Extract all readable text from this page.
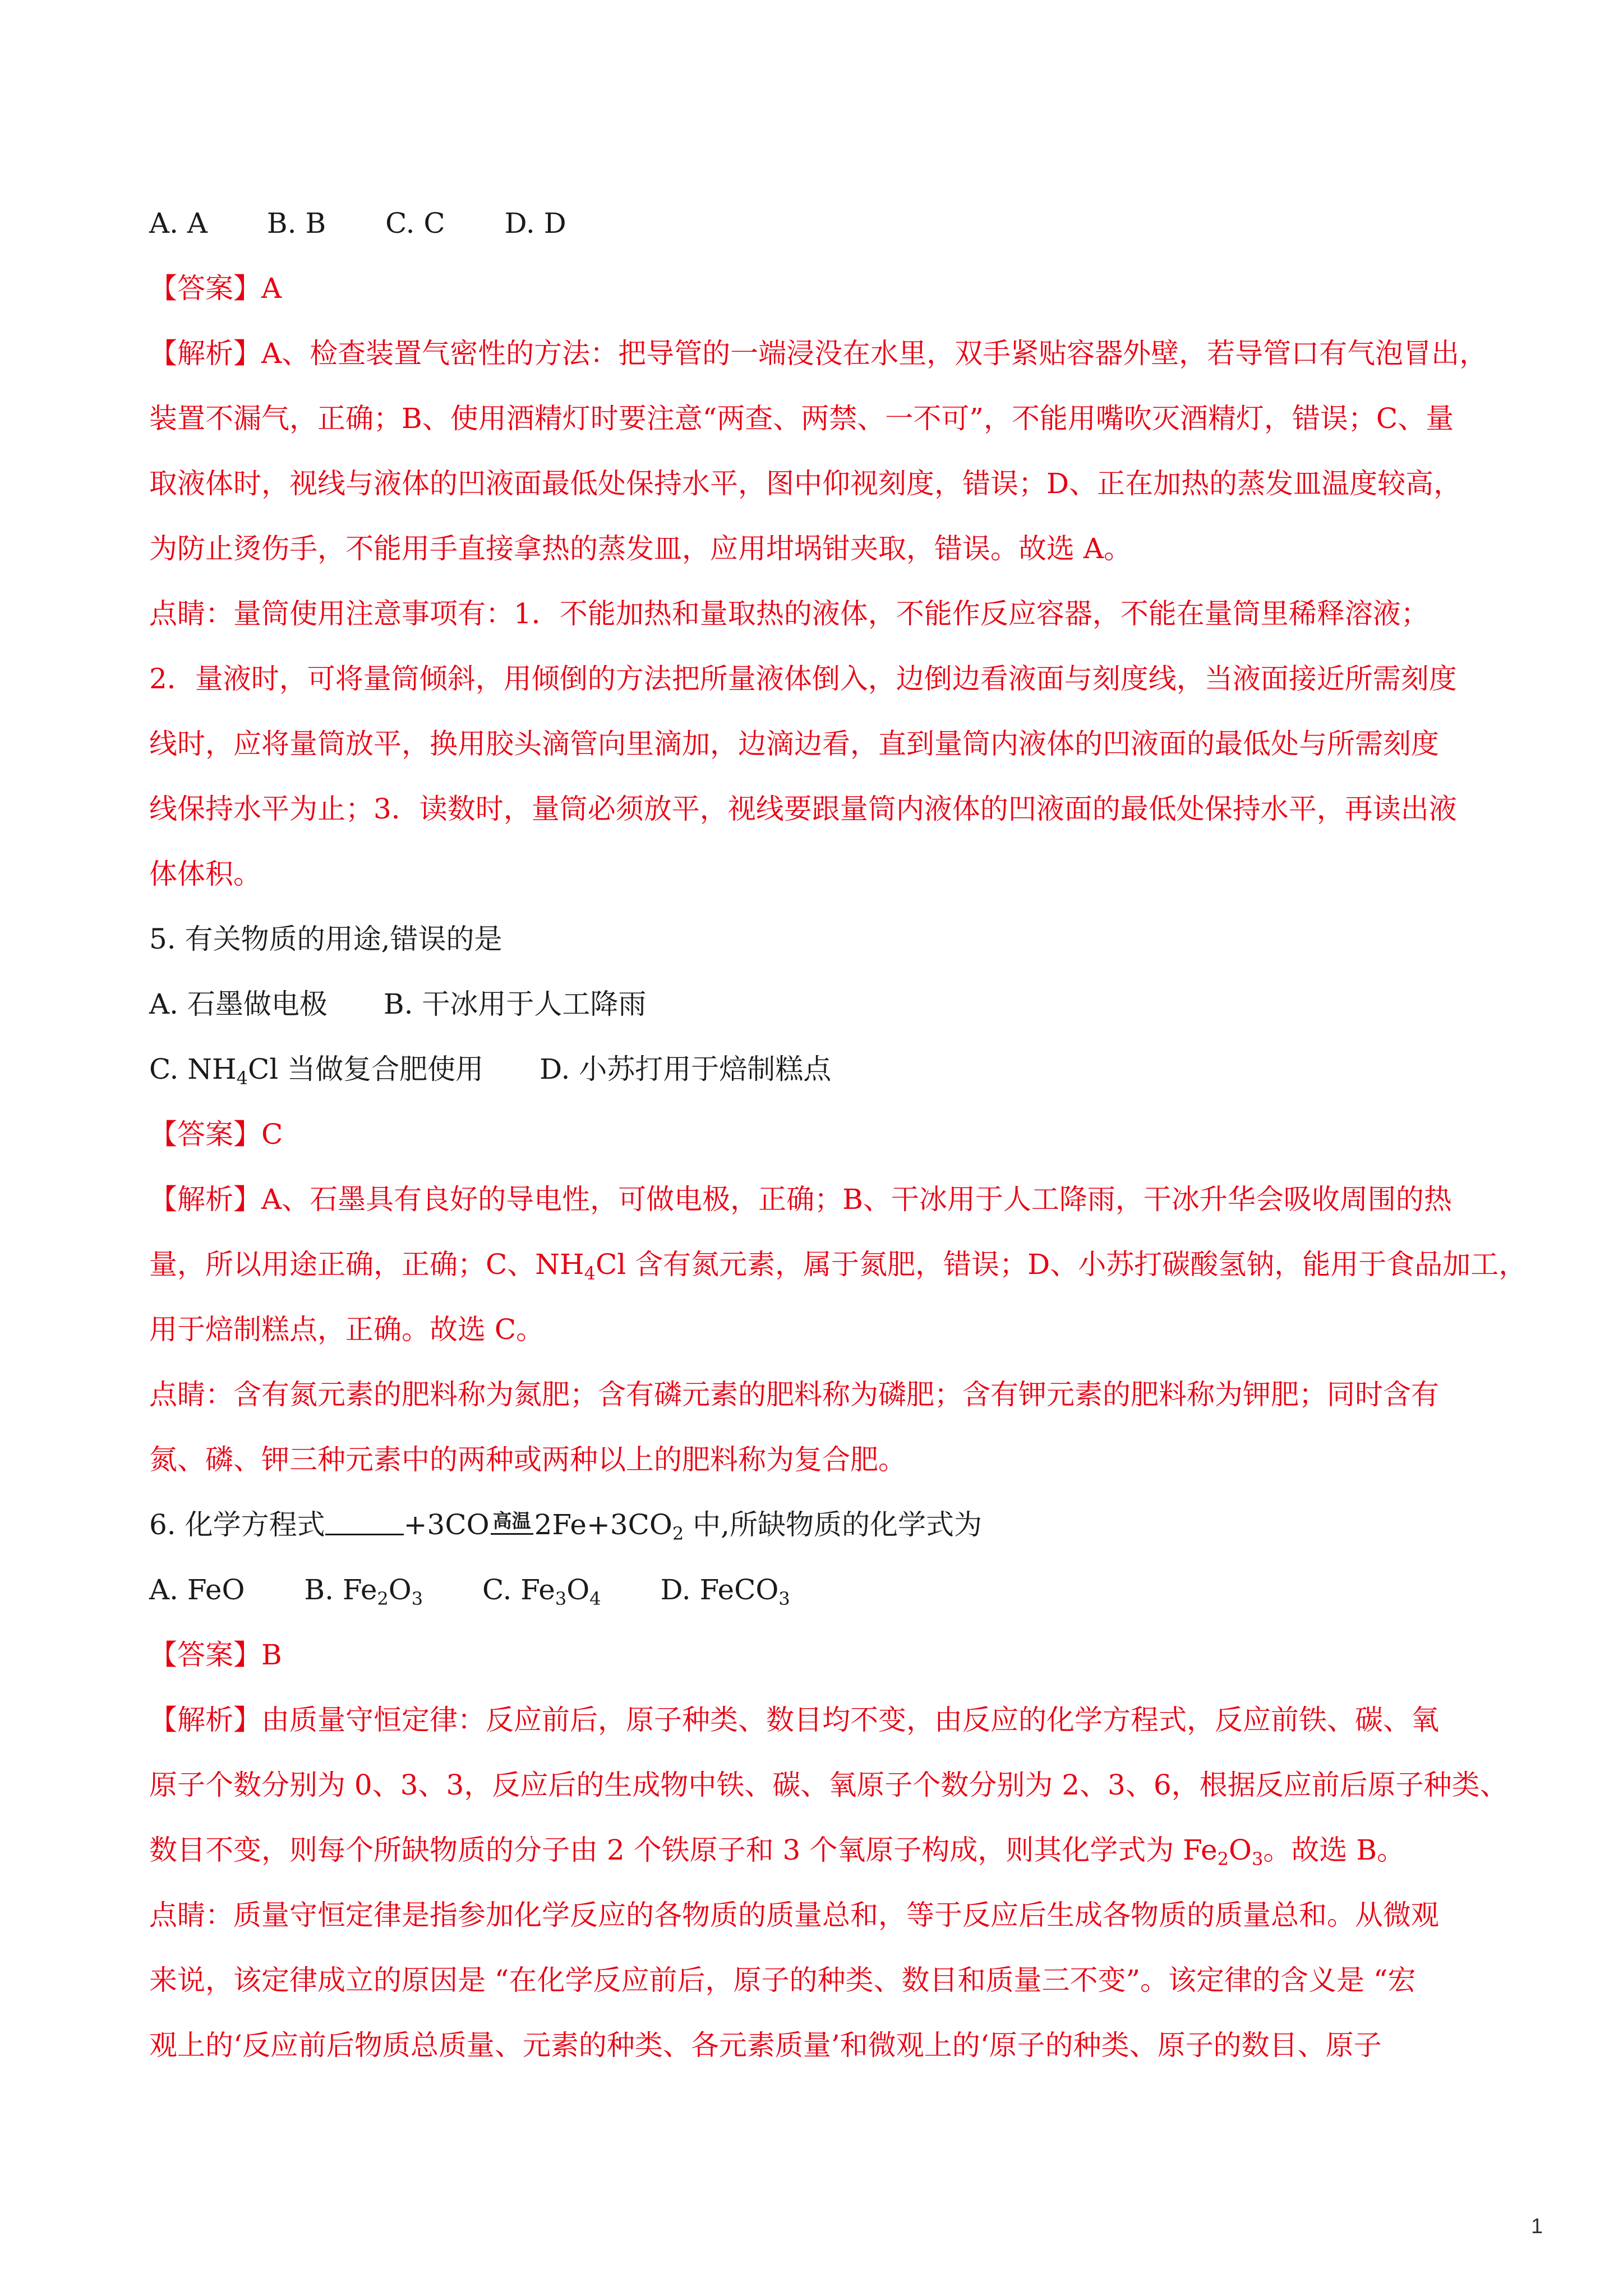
A. A B. B C. C D. D
【答案】A
【解析】A、检查装置气密性的方法：把导管的一端浸没在水里，双手紧贴容器外壁，若导管口有气泡冒出，
装置不漏气，正确；B、使用酒精灯时要注意“两查、两禁、一不可”，不能用嘴吹灭酒精灯，错误；C、量
取液体时，视线与液体的凹液面最低处保持水平，图中仰视刻度，错误；D、正在加热的蒸发皿温度较高，
为防止烫伤手，不能用手直接拿热的蒸发皿，应用坩埚钳夹取，错误。故选 A。
点睛：量筒使用注意事项有：1．不能加热和量取热的液体，不能作反应容器，不能在量筒里稀释溶液；
2．量液时，可将量筒倾斜，用倾倒的方法把所量液体倒入，边倒边看液面与刻度线，当液面接近所需刻度
线时，应将量筒放平，换用胶头滴管向里滴加，边滴边看，直到量筒内液体的凹液面的最低处与所需刻度
线保持水平为止；3．读数时，量筒必须放平，视线要跟量筒内液体的凹液面的最低处保持水平，再读出液
体体积。
5. 有关物质的用途,错误的是
A. 石墨做电极 B. 干冰用于人工降雨
C. $NH_4Cl$ 当做复合肥使用 D. 小苏打用于焙制糕点
【答案】C
【解析】A、石墨具有良好的导电性，可做电极，正确；B、干冰用于人工降雨，干冰升华会吸收周围的热
量，所以用途正确，正确；C、$NH_4Cl$ 含有氮元素，属于氮肥，错误；D、小苏打碳酸氢钠，能用于食品加工，
用于焙制糕点，正确。故选 C。
点睛：含有氮元素的肥料称为氮肥；含有磷元素的肥料称为磷肥；含有钾元素的肥料称为钾肥；同时含有
氮、磷、钾三种元素中的两种或两种以上的肥料称为复合肥。
6. 化学方程式	+3CO 高温 $2Fe+3CO_2$ 中,所缺物质的化学式为
A. FeO B. $Fe_2O_3$ C. $Fe_3O_4$ D. FeCO$_3$
【答案】B
【解析】由质量守恒定律：反应前后，原子种类、数目均不变，由反应的化学方程式，反应前铁、碳、氧
原子个数分别为 0、3、3，反应后的生成物中铁、碳、氧原子个数分别为 2、3、6，根据反应前后原子种类、
数目不变，则每个所缺物质的分子由 2 个铁原子和 3 个氧原子构成，则其化学式为 $Fe_2O_3$。故选 B。
点睛：质量守恒定律是指参加化学反应的各物质的质量总和，等于反应后生成各物质的质量总和。从微观
来说，该定律成立的原因是 “在化学反应前后，原子的种类、数目和质量三不变”。该定律的含义是 “宏
观上的‘反应前后物质总质量、元素的种类、各元素质量’和微观上的‘原子的种类、原子的数目、原子
1
